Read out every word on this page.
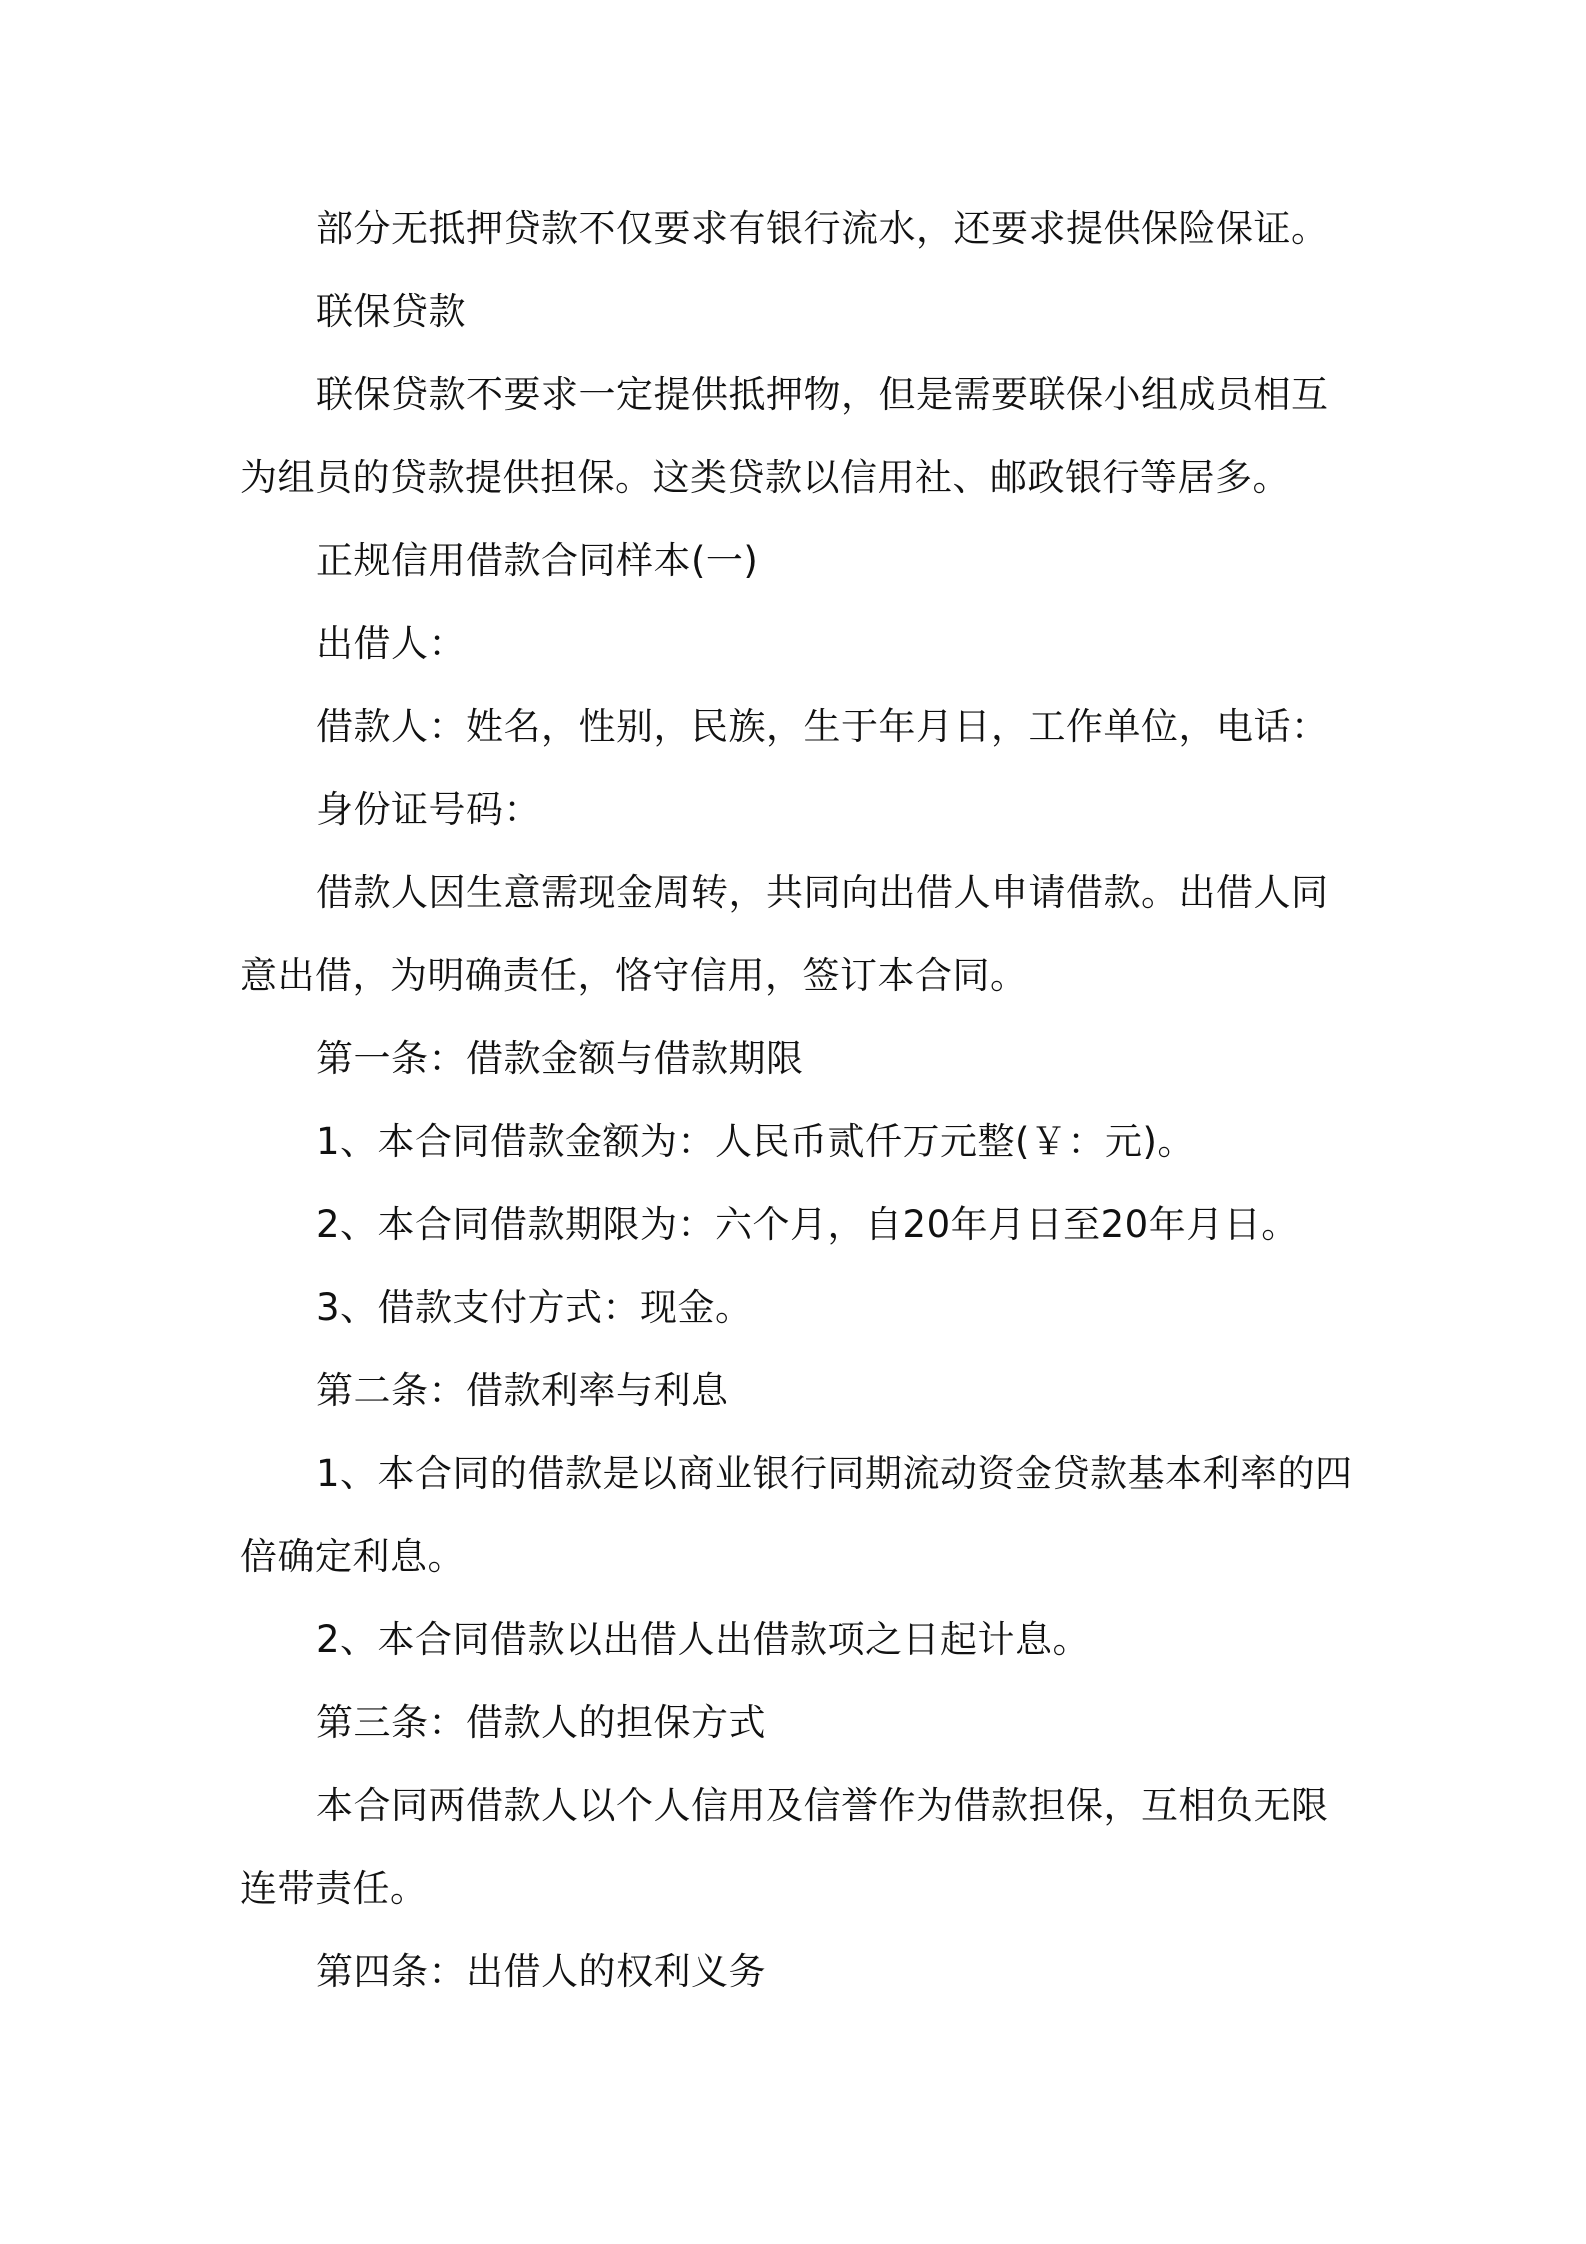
部分无抵押贷款不仅要求有银行流水，还要求提供保险保证。

联保贷款

联保贷款不要求一定提供抵押物，但是需要联保小组成员相互为组员的贷款提供担保。这类贷款以信用社、邮政银行等居多。

正规信用借款合同样本(一)

出借人：

借款人：姓名，性别，民族，生于年月日，工作单位，电话：

身份证号码：

借款人因生意需现金周转，共同向出借人申请借款。出借人同意出借，为明确责任，恪守信用，签订本合同。

第一条：借款金额与借款期限

1、本合同借款金额为：人民币贰仟万元整(￥：元)。

2、本合同借款期限为：六个月，自20年月日至20年月日。

3、借款支付方式：现金。

第二条：借款利率与利息

1、本合同的借款是以商业银行同期流动资金贷款基本利率的四倍确定利息。

2、本合同借款以出借人出借款项之日起计息。

第三条：借款人的担保方式

本合同两借款人以个人信用及信誉作为借款担保，互相负无限连带责任。

第四条：出借人的权利义务
